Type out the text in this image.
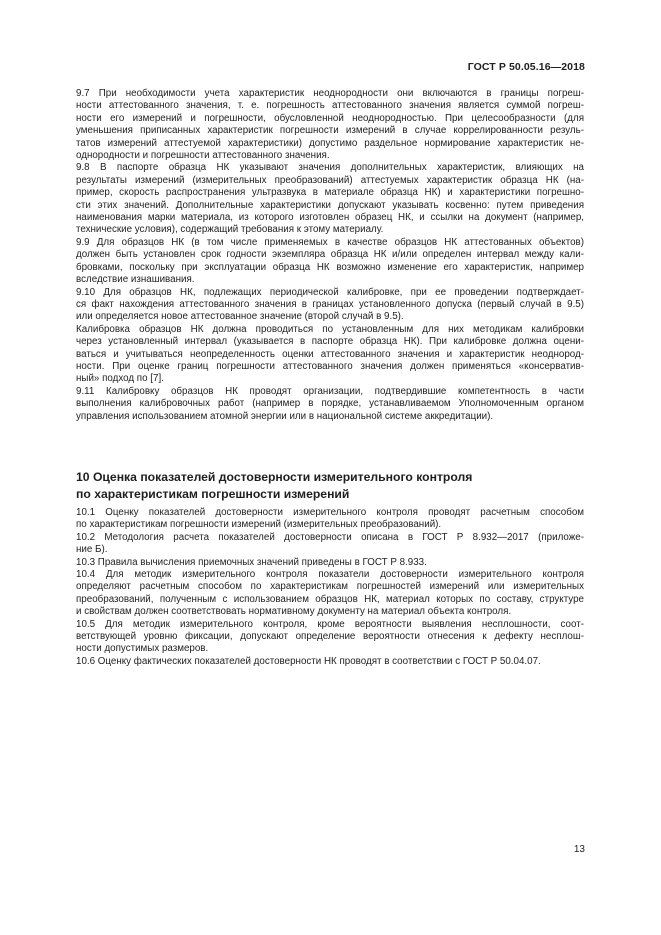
ГОСТ Р 50.05.16—2018
9.7 При необходимости учета характеристик неоднородности они включаются в границы погреш-
ности аттестованного значения, т. е. погрешность аттестованного значения является суммой погреш-
ности его измерений и погрешности, обусловленной неоднородностью. При целесообразности (для
уменьшения приписанных характеристик погрешности измерений в случае коррелированности резуль-
татов измерений аттестуемой характеристики) допустимо раздельное нормирование характеристик не-
однородности и погрешности аттестованного значения.
9.8 В паспорте образца НК указывают значения дополнительных характеристик, влияющих на
результаты измерений (измерительных преобразований) аттестуемых характеристик образца НК (на-
пример, скорость распространения ультразвука в материале образца НК) и характеристики погрешно-
сти этих значений. Дополнительные характеристики допускают указывать косвенно: путем приведения
наименования марки материала, из которого изготовлен образец НК, и ссылки на документ (например,
технические условия), содержащий требования к этому материалу.
9.9 Для образцов НК (в том числе применяемых в качестве образцов НК аттестованных объектов)
должен быть установлен срок годности экземпляра образца НК и/или определен интервал между кали-
бровками, поскольку при эксплуатации образца НК возможно изменение его характеристик, например
вследствие изнашивания.
9.10 Для образцов НК, подлежащих периодической калибровке, при ее проведении подтверждает-
ся факт нахождения аттестованного значения в границах установленного допуска (первый случай в 9.5)
или определяется новое аттестованное значение (второй случай в 9.5).
Калибровка образцов НК должна проводиться по установленным для них методикам калибровки
через установленный интервал (указывается в паспорте образца НК). При калибровке должна оцени-
ваться и учитываться неопределенность оценки аттестованного значения и характеристик неоднород-
ности. При оценке границ погрешности аттестованного значения должен применяться «консерватив-
ный» подход по [7].
9.11 Калибровку образцов НК проводят организации, подтвердившие компетентность в части
выполнения калибровочных работ (например в порядке, устанавливаемом Уполномоченным органом
управления использованием атомной энергии или в национальной системе аккредитации).
10 Оценка показателей достоверности измерительного контроля
по характеристикам погрешности измерений
10.1 Оценку показателей достоверности измерительного контроля проводят расчетным способом
по характеристикам погрешности измерений (измерительных преобразований).
10.2 Методология расчета показателей достоверности описана в ГОСТ Р 8.932—2017 (приложе-
ние Б).
10.3 Правила вычисления приемочных значений приведены в ГОСТ Р 8.933.
10.4 Для методик измерительного контроля показатели достоверности измерительного контроля
определяют расчетным способом по характеристикам погрешностей измерений или измерительных
преобразований, полученным с использованием образцов НК, материал которых по составу, структуре
и свойствам должен соответствовать нормативному документу на материал объекта контроля.
10.5 Для методик измерительного контроля, кроме вероятности выявления несплошности, соот-
ветствующей уровню фиксации, допускают определение вероятности отнесения к дефекту несплош-
ности допустимых размеров.
10.6 Оценку фактических показателей достоверности НК проводят в соответствии с ГОСТ Р 50.04.07.
13
